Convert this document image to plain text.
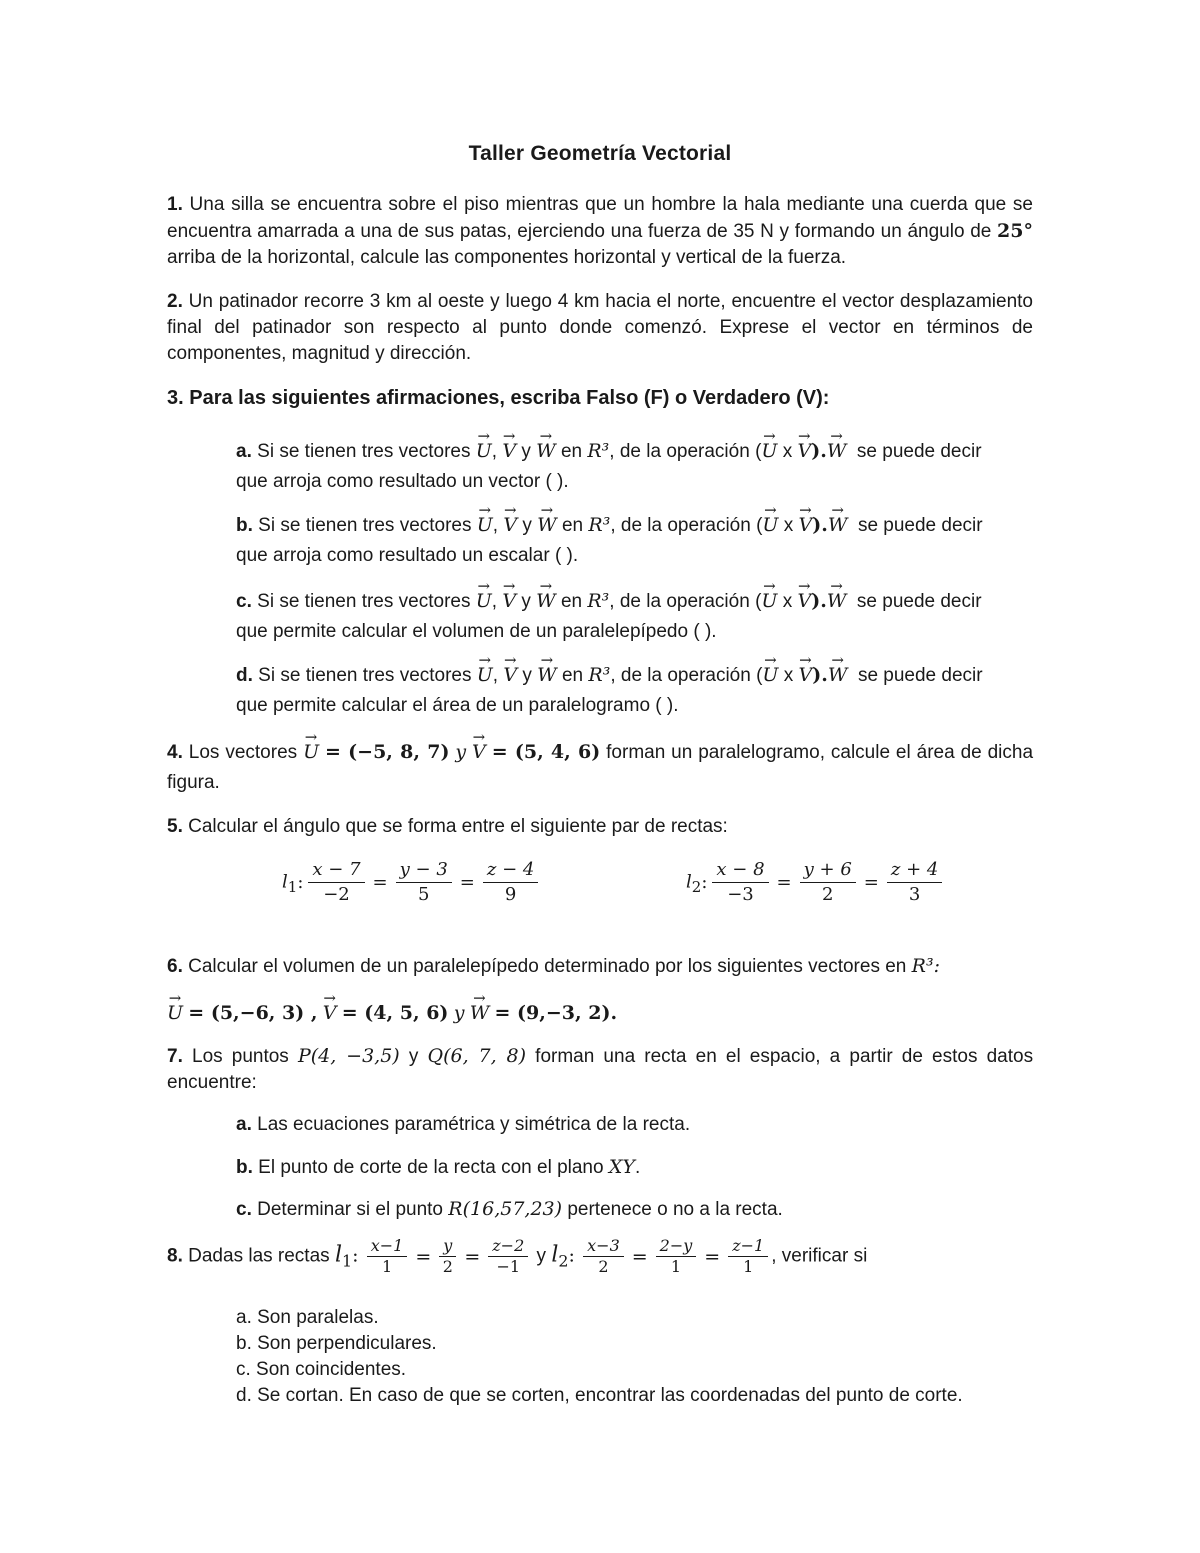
Taller Geometría Vectorial
1. Una silla se encuentra sobre el piso mientras que un hombre la hala mediante una cuerda que se encuentra amarrada a una de sus patas, ejerciendo una fuerza de 35 N y formando un ángulo de 25° arriba de la horizontal, calcule las componentes horizontal y vertical de la fuerza.
2. Un patinador recorre 3 km al oeste y luego 4 km hacia el norte, encuentre el vector desplazamiento final del patinador son respecto al punto donde comenzó. Exprese el vector en términos de componentes, magnitud y dirección.
3. Para las siguientes afirmaciones, escriba Falso (F) o Verdadero (V):
a. Si se tienen tres vectores → U, → V y → W en R³, de la operación (→ U x → V).→ W se puede decir
que arroja como resultado un vector ( ).
b. Si se tienen tres vectores → U, → V y → W en R³, de la operación (→ U x → V).→ W se puede decir
que arroja como resultado un escalar ( ).
c. Si se tienen tres vectores → U, → V y → W en R³, de la operación (→ U x → V).→ W se puede decir
que permite calcular el volumen de un paralelepípedo ( ).
d. Si se tienen tres vectores → U, → V y → W en R³, de la operación (→ U x → V).→ W se puede decir
que permite calcular el área de un paralelogramo ( ).
4. Los vectores → U = (−5, 8, 7) y → V = (5, 4, 6) forman un paralelogramo, calcule el área de dicha figura.
5. Calcular el ángulo que se forma entre el siguiente par de rectas:
$l_1$: $\frac{x - 7}{-2} = \frac{y - 3}{5} = \frac{z - 4}{9}$	$l_2$: $\frac{x - 8}{-3} = \frac{y + 6}{2} = \frac{z + 4}{3}$
6. Calcular el volumen de un paralelepípedo determinado por los siguientes vectores en R³:
→ U = (5,−6, 3) , → V = (4, 5, 6) y → W = (9,−3, 2).
7. Los puntos P(4, −3,5) y Q(6, 7, 8) forman una recta en el espacio, a partir de estos datos encuentre:
a. Las ecuaciones paramétrica y simétrica de la recta.
b. El punto de corte de la recta con el plano XY.
c. Determinar si el punto R(16,57,23) pertenece o no a la recta.
8. Dadas las rectas $l_1$: $\frac{x-1}{1} = \frac{y}{2} = \frac{z-2}{-1}$ y $l_2$: $\frac{x-3}{2} = \frac{2-y}{1} = \frac{z-1}{1}$ , verificar si
a. Son paralelas.
b. Son perpendiculares.
c. Son coincidentes.
d. Se cortan. En caso de que se corten, encontrar las coordenadas del punto de corte.
